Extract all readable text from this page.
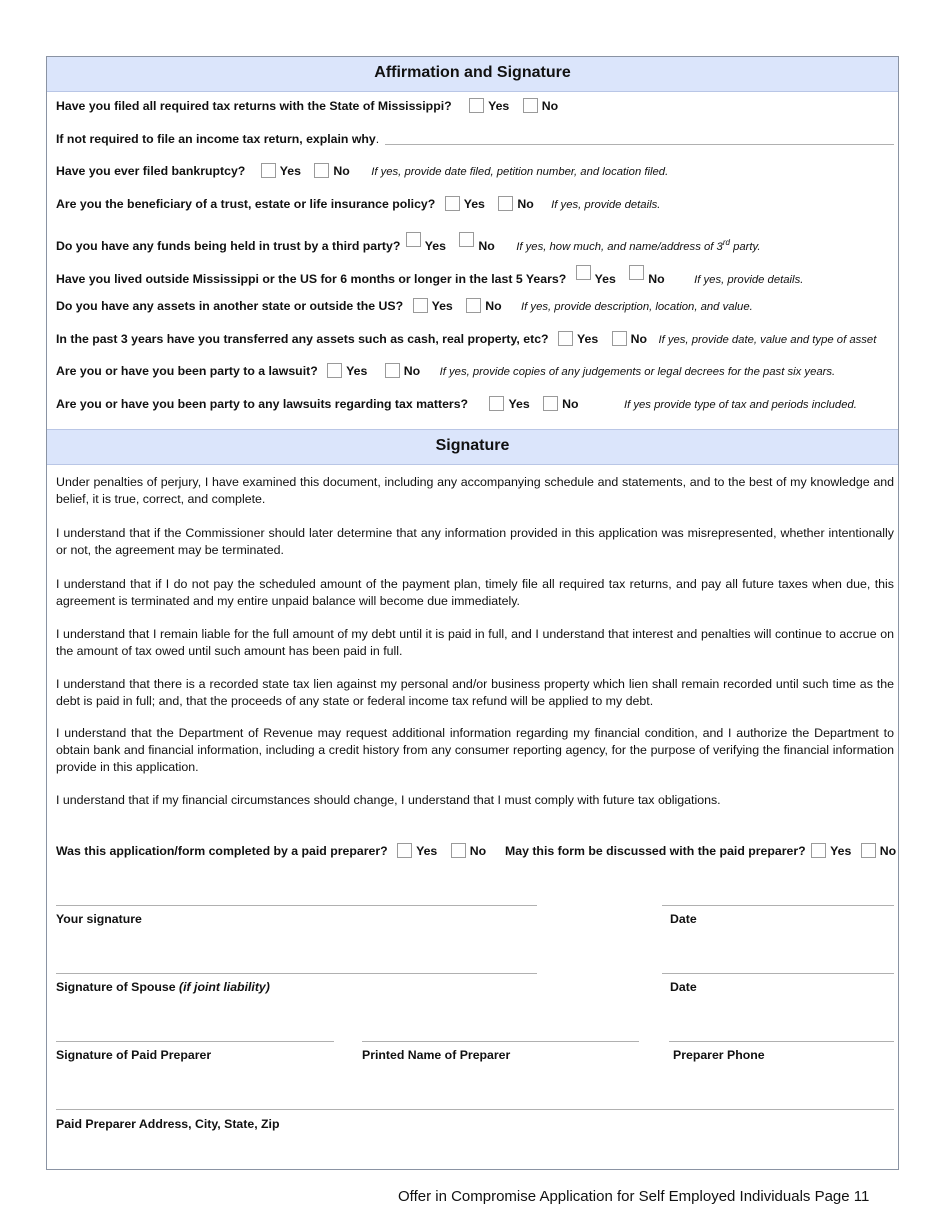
Affirmation and Signature
Have you filed all required tax returns with the State of Mississippi?	Yes	No
If not required to file an income tax return, explain why.
Have you ever filed bankruptcy?	Yes	No If yes, provide date filed, petition number, and location filed.
Are you the beneficiary of a trust, estate or life insurance policy? Yes	No If yes, provide details.
Do you have any funds being held in trust by a third party? Yes	No If yes, how much, and name/address of 3rd party.
Have you lived outside Mississippi or the US for 6 months or longer in the last 5 Years? Yes	No	If yes, provide details.
Do you have any assets in another state or outside the US? Yes	No If yes, provide description, location, and value.
In the past 3 years have you transferred any assets such as cash, real property, etc? Yes	No If yes, provide date, value and type of asset
Are you or have you been party to a lawsuit? Yes	No If yes, provide copies of any judgements or legal decrees for the past six years.
Are you or have you been party to any lawsuits regarding tax matters?	Yes	No	If yes provide type of tax and periods included.
Signature
Under penalties of perjury, I have examined this document, including any accompanying schedule and statements, and to the best of my knowledge and belief, it is true, correct, and complete.
I understand that if the Commissioner should later determine that any information provided in this application was misrepresented, whether intentionally or not, the agreement may be terminated.
I understand that if I do not pay the scheduled amount of the payment plan, timely file all required tax returns, and pay all future taxes when due, this agreement is terminated and my entire unpaid balance will become due immediately.
I understand that I remain liable for the full amount of my debt until it is paid in full, and I understand that interest and penalties will continue to accrue on the amount of tax owed until such amount has been paid in full.
I understand that there is a recorded state tax lien against my personal and/or business property which lien shall remain recorded until such time as the debt is paid in full; and, that the proceeds of any state or federal income tax refund will be applied to my debt.
I understand that the Department of Revenue may request additional information regarding my financial condition, and I authorize the Department to obtain bank and financial information, including a credit history from any consumer reporting agency, for the purpose of verifying the financial information provide in this application.
I understand that if my financial circumstances should change, I understand that I must comply with future tax obligations.
Was this application/form completed by a paid preparer? Yes	No	May this form be discussed with the paid preparer? Yes No
Your signature	Date
Signature of Spouse (if joint liability)	Date
Signature of Paid Preparer	Printed Name of Preparer	Preparer Phone
Paid Preparer Address, City, State, Zip
Offer in Compromise Application for Self Employed Individuals Page 11
